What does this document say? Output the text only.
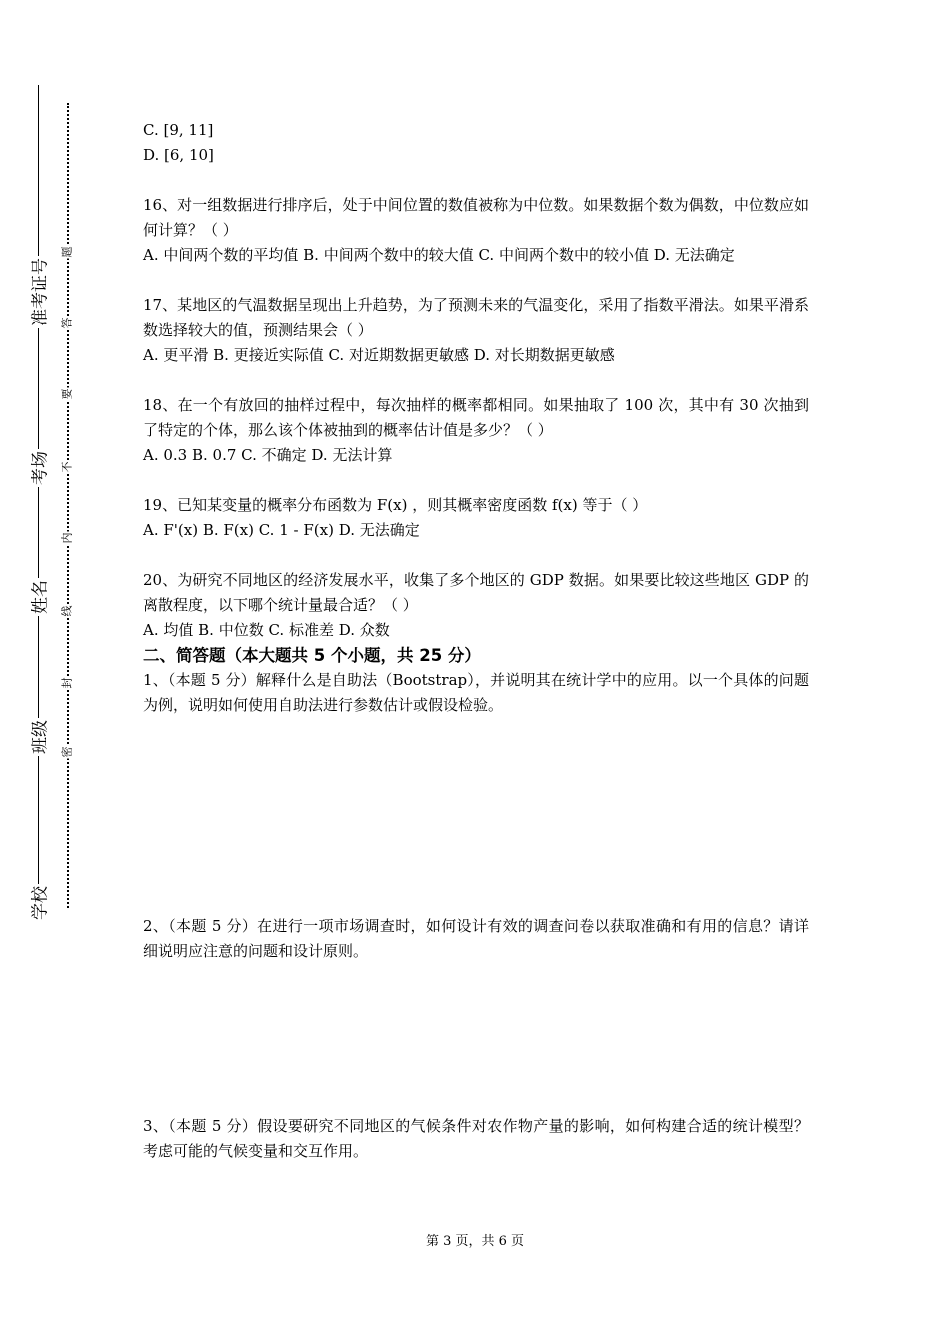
准考证号
考场
姓名
班级
学校
题
答
要
不
内
线
封
密

C. [9, 11]

D. [6, 10]

16、对一组数据进行排序后，处于中间位置的数值被称为中位数。如果数据个数为偶数，中位数应如何计算？（ ）

A. 中间两个数的平均值 B. 中间两个数中的较大值 C. 中间两个数中的较小值 D. 无法确定

17、某地区的气温数据呈现出上升趋势，为了预测未来的气温变化，采用了指数平滑法。如果平滑系数选择较大的值，预测结果会（ ）

A. 更平滑 B. 更接近实际值 C. 对近期数据更敏感 D. 对长期数据更敏感

18、在一个有放回的抽样过程中，每次抽样的概率都相同。如果抽取了 100 次，其中有 30 次抽到了特定的个体，那么该个体被抽到的概率估计值是多少？（ ）

A. 0.3 B. 0.7 C. 不确定 D. 无法计算

19、已知某变量的概率分布函数为 F(x) ，则其概率密度函数 f(x) 等于（ ）

A. F'(x) B. F(x) C. 1 - F(x) D. 无法确定

20、为研究不同地区的经济发展水平，收集了多个地区的 GDP 数据。如果要比较这些地区 GDP 的离散程度，以下哪个统计量最合适？（ ）

A. 均值 B. 中位数 C. 标准差 D. 众数

二、简答题（本大题共 5 个小题，共 25 分）

1、（本题 5 分）解释什么是自助法（Bootstrap），并说明其在统计学中的应用。以一个具体的问题为例，说明如何使用自助法进行参数估计或假设检验。

2、（本题 5 分）在进行一项市场调查时，如何设计有效的调查问卷以获取准确和有用的信息？请详细说明应注意的问题和设计原则。

3、（本题 5 分）假设要研究不同地区的气候条件对农作物产量的影响，如何构建合适的统计模型？考虑可能的气候变量和交互作用。

第 3 页，共 6 页
